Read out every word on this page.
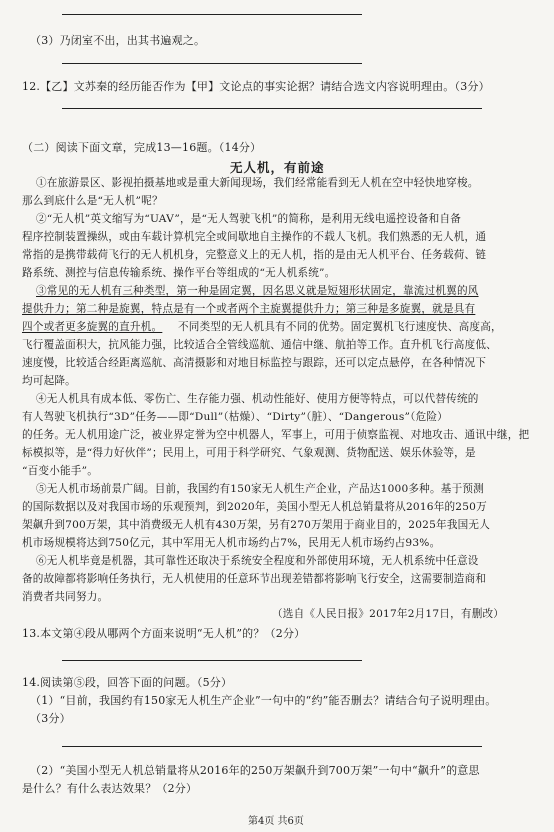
（3）乃闭室不出，出其书遍观之。
12.【乙】文苏秦的经历能否作为【甲】文论点的事实论据？请结合选文内容说明理由。（3分）
（二）阅读下面文章，完成13—16题。（14分）
无人机，有前途
①在旅游景区、影视拍摄基地或是重大新闻现场，我们经常能看到无人机在空中轻快地穿梭。
那么到底什么是“无人机”呢？
②“无人机”英文缩写为“UAV”，是“无人驾驶飞机”的简称，是利用无线电遥控设备和自备
程序控制装置操纵，或由车载计算机完全或间歇地自主操作的不载人飞机。我们熟悉的无人机，通
常指的是携带载荷飞行的无人机机身，完整意义上的无人机，指的是由无人机平台、任务载荷、链
路系统、测控与信息传输系统、操作平台等组成的“无人机系统”。
③常见的无人机有三种类型，第一种是固定翼，因名思义就是短翅形状固定，靠流过机翼的风
提供升力；第二种是旋翼，特点是有一个或者两个主旋翼提供升力；第三种是多旋翼，就是具有
四个或者更多旋翼的直升机。 不同类型的无人机具有不同的优势。固定翼机飞行速度快、高度高，
飞行覆盖面积大，抗风能力强，比较适合全管线巡航、通信中继、航拍等工作。直升机飞行高度低、
速度慢，比较适合经距离巡航、高清摄影和对地目标监控与跟踪，还可以定点悬停，在各种情况下
均可起降。
④无人机具有成本低、零伤亡、生存能力强、机动性能好、使用方便等特点，可以代替传统的
有人驾驶飞机执行“3D”任务——即“Dull”（枯燥）、“Dirty”（脏）、“Dangerous”（危险）
的任务。无人机用途广泛，被业界定誉为空中机器人，军事上，可用于侦察监视、对地攻击、通讯中继，把
标模拟等，是“得力好伙伴”；民用上，可用于科学研究、气象观测、货物配送、娱乐休验等，是
“百变小能手”。
⑤无人机市场前景广阔。目前，我国约有150家无人机生产企业，产品达1000多种。基于预测
的国际数据以及对我国市场的乐观预判，到2020年，美国小型无人机总销量将从2016年的250万
架飙升到700万架，其中消费级无人机有430万架，另有270万架用于商业目的，2025年我国无人
机市场规模将达到750亿元，其中军用无人机市场约占7%，民用无人机市场约占93%。
⑥无人机毕竟是机器，其可靠性还取决于系统安全程度和外部使用环境，无人机系统中任意设
备的故障都将影响任务执行，无人机使用的任意环节出现差错都将影响飞行安全，这需要制造商和
消费者共同努力。
（选自《人民日报》2017年2月17日，有删改）
13.本文第④段从哪两个方面来说明“无人机”的？（2分）
14.阅读第⑤段，回答下面的问题。（5分）
（1）“目前，我国约有150家无人机生产企业”一句中的“约”能否删去？请结合句子说明理由。
（3分）
（2）“美国小型无人机总销量将从2016年的250万架飙升到700万架”一句中“飙升”的意思
是什么？有什么表达效果？（2分）
第4页 共6页
